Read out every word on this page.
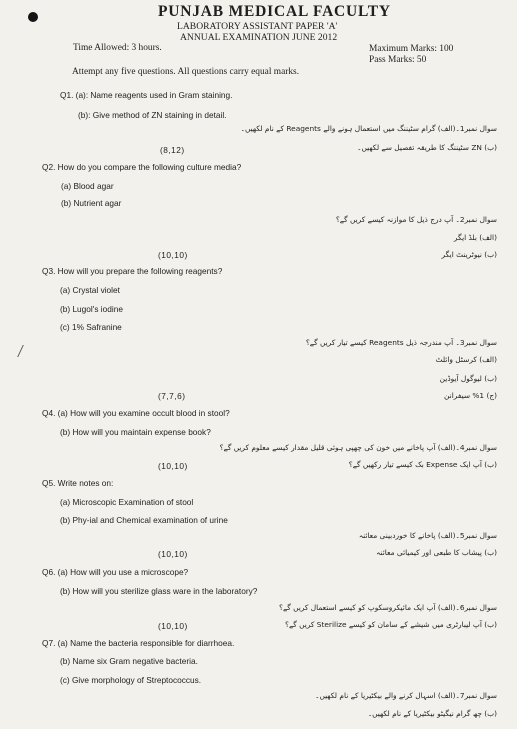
PUNJAB MEDICAL FACULTY
LABORATORY ASSISTANT PAPER 'A'
ANNUAL EXAMINATION JUNE 2012
Time Allowed: 3 hours.	Maximum Marks: 100
Pass Marks: 50
Attempt any five questions. All questions carry equal marks.
Q1. (a): Name reagents used in Gram staining.
(b): Give method of ZN staining in detail.
سوال نمبر1۔(الف) گرام سٹیننگ میں استعمال ہونے والے Reagents کے نام لکھیں۔
(8,12)	(ب) ZN سٹیننگ کا طریقہ تفصیل سے لکھیں۔
Q2. How do you compare the following culture media?
(a) Blood agar
(b) Nutrient agar
سوال نمبر2۔ آپ درج ذیل کا موازنہ کیسے کریں گے؟
(الف) بلڈ ایگر
(10,10)	(ب) نیوٹرینٹ ایگر
Q3. How will you prepare the following reagents?
(a) Crystal violet
(b) Lugol's iodine
(c) 1% Safranine
سوال نمبر3۔ آپ مندرجہ ذیل Reagents کیسے تیار کریں گے؟
(الف) کرسٹل وائلٹ
(ب) لیوگول آیوڈین
(7,7,6)	(ج) 1% سیفرانن
Q4. (a) How will you examine occult blood in stool?
(b) How will you maintain expense book?
سوال نمبر4۔(الف) آپ پاخانے میں خون کی چھپی ہوئی قلیل مقدار کیسے معلوم کریں گے؟
(10,10)	(ب) آپ ایک Expense بک کیسے تیار رکھیں گے؟
Q5. Write notes on:
(a) Microscopic Examination of stool
(b) Phy-ial and Chemical examination of urine
سوال نمبر5۔(الف) پاخانے کا خوردبینی معائنہ
(10,10)	(ب) پیشاب کا طبعی اور کیمیائی معائنہ
Q6. (a) How will you use a microscope?
(b) How will you sterilize glass ware in the laboratory?
سوال نمبر6۔(الف) آپ ایک مائیکروسکوپ کو کیسے استعمال کریں گے؟
(10,10)	(ب) آپ لیبارٹری میں شیشے کے سامان کو کیسے Sterilize کریں گے؟
Q7. (a) Name the bacteria responsible for diarrhoea.
(b) Name six Gram negative bacteria.
(c) Give morphology of Streptococcus.
سوال نمبر7۔(الف) اسہال کرنے والے بیکٹیریا کے نام لکھیں۔
(ب) چھ گرام نیگیٹو بیکٹیریا کے نام لکھیں۔
